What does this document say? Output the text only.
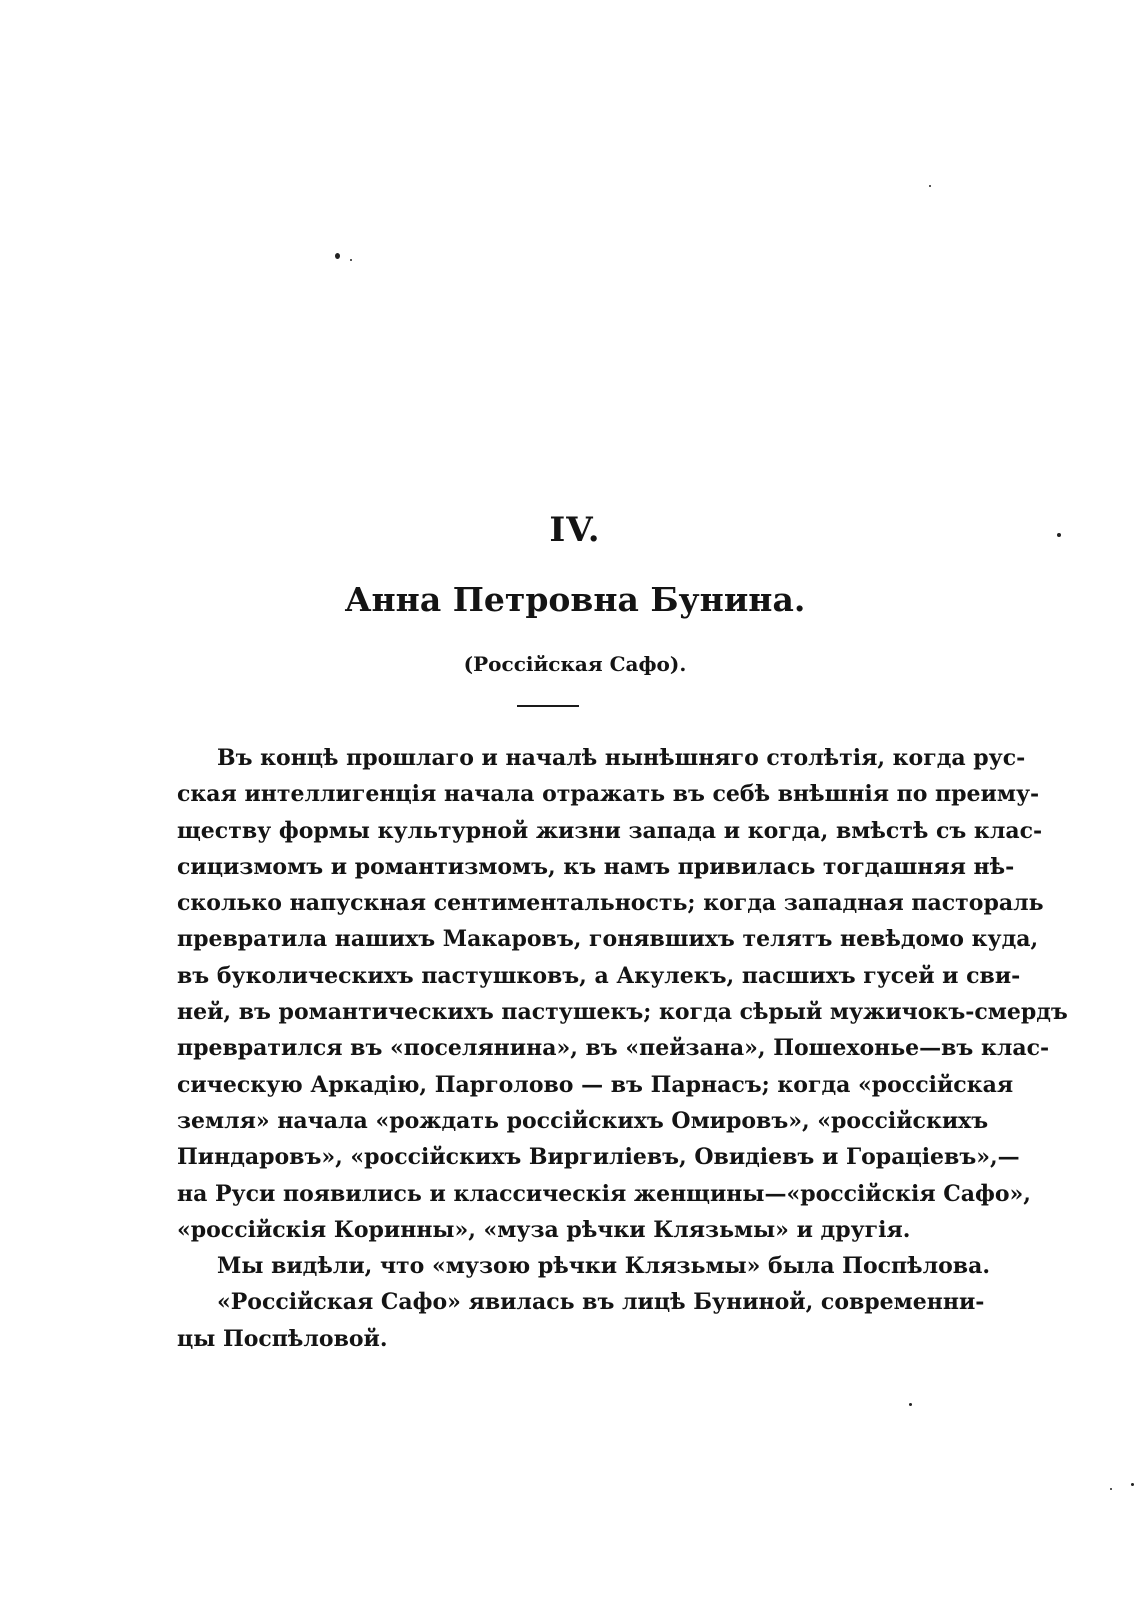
IV.
Анна Петровна Бунина.
(Россійская Сафо).
Въ концѣ прошлаго и началѣ нынѣшняго столѣтія, когда рус-
ская интеллигенція начала отражать въ себѣ внѣшнія по преиму-
ществу формы культурной жизни запада и когда, вмѣстѣ съ клас-
сицизмомъ и романтизмомъ, къ намъ привилась тогдашняя нѣ-
сколько напускная сентиментальность; когда западная пастораль
превратила нашихъ Макаровъ, гонявшихъ телятъ невѣдомо куда,
въ буколическихъ пастушковъ, а Акулекъ, пасшихъ гусей и сви-
ней, въ романтическихъ пастушекъ; когда сѣрый мужичокъ-смердъ
превратился въ «поселянина», въ «пейзана», Пошехонье—въ клас-
сическую Аркадію, Парголово — въ Парнасъ; когда «россійская
земля» начала «рождать россійскихъ Омировъ», «россійскихъ
Пиндаровъ», «россійскихъ Виргиліевъ, Овидіевъ и Гораціевъ»,—
на Руси появились и классическія женщины—«россійскія Сафо»,
«россійскія Коринны», «муза рѣчки Клязьмы» и другія.
Мы видѣли, что «музою рѣчки Клязьмы» была Поспѣлова.
«Россійская Сафо» явилась въ лицѣ Буниной, современни-
цы Поспѣловой.
